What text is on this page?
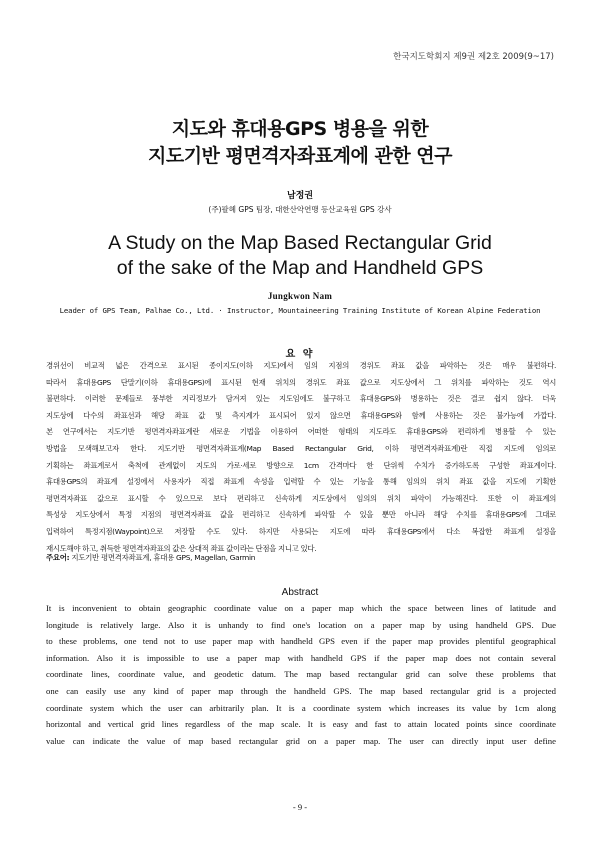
한국지도학회지 제9권 제2호 2009(9~17)
지도와 휴대용GPS 병용을 위한
지도기반 평면격자좌표계에 관한 연구
남정권
(주)팔혜 GPS 팀장, 대한산악연맹 등산교육원 GPS 강사
A Study on the Map Based Rectangular Grid
of the sake of the Map and Handheld GPS
Jungkwon Nam
Leader of GPS Team, Palhae Co., Ltd. · Instructor, Mountaineering Training Institute of Korean Alpine Federation
요 약
경위선이 비교적 넓은 간격으로 표시된 종이지도(이하 지도)에서 임의 지점의 경위도 좌표 값을 파악하는 것은 매우 불편하다.
따라서 휴대용GPS 단말기(이하 휴대용GPS)에 표시된 현재 위치의 경위도 좌표 값으로 지도상에서 그 위치를 파악하는 것도 역시
불편하다. 이러한 문제들로 풍부한 지리정보가 담겨져 있는 지도임에도 불구하고 휴대용GPS와 병용하는 것은 결코 쉽지 않다. 더욱
지도상에 다수의 좌표선과 해당 좌표 값 및 측지계가 표시되어 있지 않으면 휴대용GPS와 함께 사용하는 것은 불가능에 가깝다.
본 연구에서는 지도기반 평면격자좌표계란 새로운 기법을 이용하여 어떠한 형태의 지도라도 휴대용GPS와 편리하게 병용할 수 있는
방법을 모색해보고자 한다. 지도기반 평면격자좌표계(Map Based Rectangular Grid, 이하 평면격자좌표계)란 직접 지도에 임의로
기획하는 좌표계로서 축척에 관계없이 지도의 가로·세로 방향으로 1cm 간격마다 한 단위씩 수치가 증가하도록 구성한 좌표계이다.
휴대용GPS의 좌표계 설정에서 사용자가 직접 좌표계 속성을 입력할 수 있는 기능을 통해 임의의 위치 좌표 값을 지도에 기획한
평면격자좌표 값으로 표시할 수 있으므로 보다 편리하고 신속하게 지도상에서 임의의 위치 파악이 가능해진다. 또한 이 좌표계의
특성상 지도상에서 특정 지점의 평면격자좌표 값을 편리하고 신속하게 파악할 수 있을 뿐만 아니라 해당 수치를 휴대용GPS에 그대로
입력하여 특정지점(Waypoint)으로 저장할 수도 있다. 하지만 사용되는 지도에 따라 휴대용GPS에서 다소 복잡한 좌표계 설정을
재시도해야 하고, 취득한 평면격자좌표의 값은 상대적 좌표 값이라는 단점을 지니고 있다.
주요어: 지도기반 평면격자좌표계, 휴대용 GPS, Magellan, Garmin
Abstract
It is inconvenient to obtain geographic coordinate value on a paper map which the space between lines of latitude and
longitude is relatively large. Also it is unhandy to find one's location on a paper map by using handheld GPS. Due
to these problems, one tend not to use paper map with handheld GPS even if the paper map provides plentiful geographical
information. Also it is impossible to use a paper map with handheld GPS if the paper map does not contain several
coordinate lines, coordinate value, and geodetic datum. The map based rectangular grid can solve these problems that
one can easily use any kind of paper map through the handheld GPS. The map based rectangular grid is a projected
coordinate system which the user can arbitrarily plan. It is a coordinate system which increases its value by 1cm along
horizontal and vertical grid lines regardless of the map scale. It is easy and fast to attain located points since coordinate
value can indicate the value of map based rectangular grid on a paper map. The user can directly input user define
- 9 -
